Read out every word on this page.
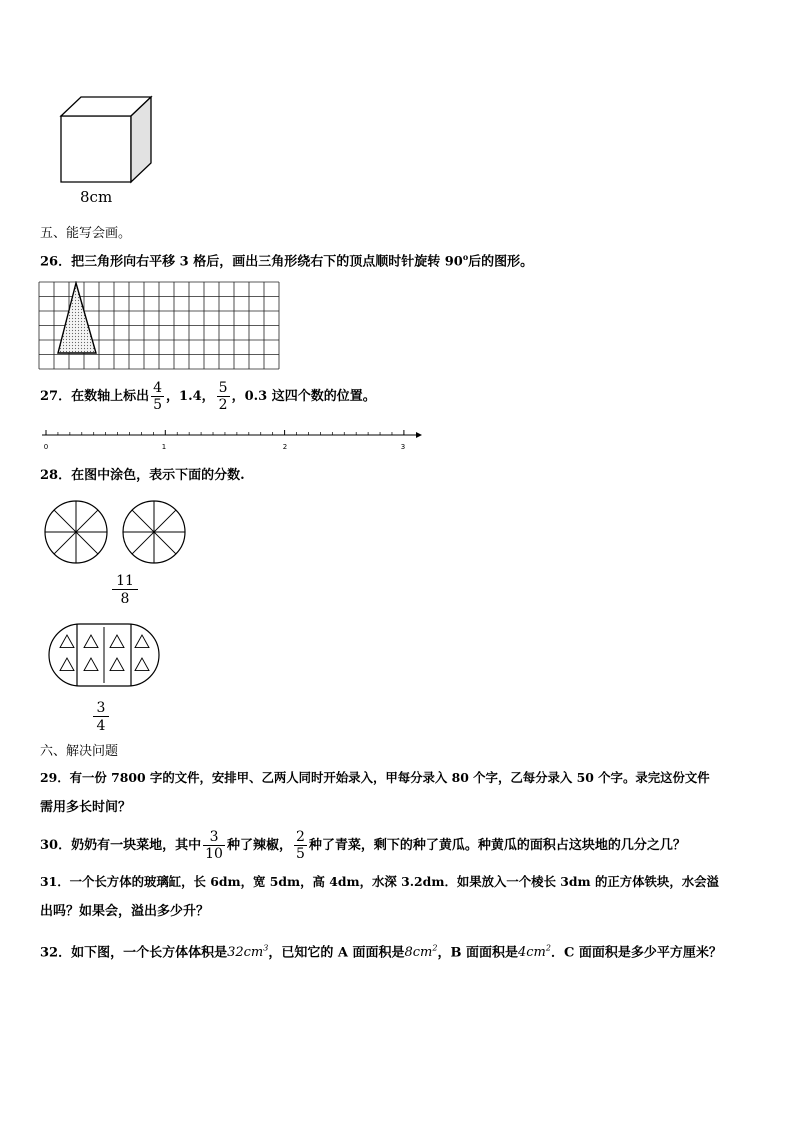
8cm
五、能写会画。
26．把三角形向右平移 3 格后，画出三角形绕右下的顶点顺时针旋转 90$^o$后的图形。
27．在数轴上标出 $\frac{4}{5}$ ，1.4， $\frac{5}{2}$ ，0.3 这四个数的位置。
0	1	2	3
28．在图中涂色，表示下面的分数.
$\frac{11}{8}$
$\frac{3}{4}$
六、解决问题
29．有一份 7800 字的文件，安排甲、乙两人同时开始录入，甲每分录入 80 个字，乙每分录入 50 个字。录完这份文件
需用多长时间？
30．奶奶有一块菜地，其中 $\frac{3}{10}$ 种了辣椒， $\frac{2}{5}$ 种了青菜，剩下的种了黄瓜。种黄瓜的面积占这块地的几分之几？
31．一个长方体的玻璃缸，长 6dm，宽 5dm，高 4dm，水深 3.2dm．如果放入一个棱长 3dm 的正方体铁块，水会溢
出吗？如果会，溢出多少升？
32．如下图，一个长方体体积是$32cm^3$，已知它的 A 面面积是$8cm^2$，B 面面积是$4cm^2$．C 面面积是多少平方厘米？
